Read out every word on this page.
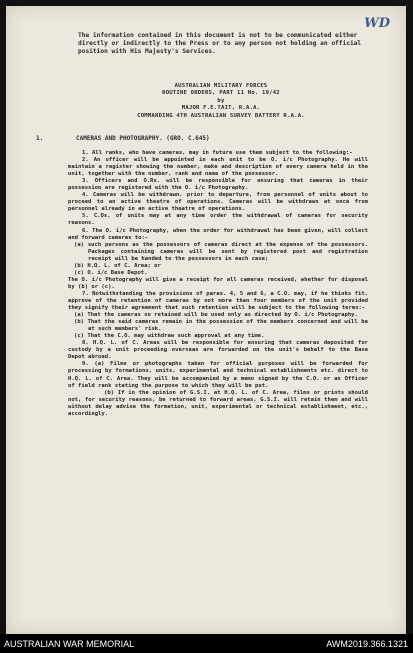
WD
The information contained in this document is not to be communicated either directly or indirectly to the Press or to any person not holding an official position with His Majesty's Services.
AUSTRALIAN MILITARY FORCES
ROUTINE ORDERS, PART 11 No. 19/42
by
MAJOR F.E.TAIT, R.A.A.
COMMANDING 4TH AUSTRALIAN SURVEY BATTERY R.A.A.
1.	CAMERAS AND PHOTOGRAPHY. (GRO. C.645)

1. All ranks, who have cameras, may in future use them subject to the following:-

2. An officer will be appointed in each unit to be O. i/c Photography. He will maintain a register showing the number, make and description of every camera held in the unit, together with the number, rank and name of the possessor.

3. Officers and O.Rs. will be responsible for ensuring that cameras in their possession are registered with the O. i/c Photography.

4. Cameras will be withdrawn, prior to departure, from personnel of units about to proceed to an active theatre of operations. Cameras will be withdrawn at once from personnel already in an active theatre of operations.

5. C.Os. of units may at any time order the withdrawal of cameras for security reasons.

6. The O. i/c Photography, when the order for withdrawal has been given, will collect and forward cameras to:-

(a) such persons as the possessors of cameras direct at the expense of the possessors. Packages containing cameras will be sent by registered post and registration receipt will be handed to the possessors in each case;

(b) H.Q. L. of C. Area; or

(c) O. i/c Base Depot.

The O. i/c Photography will give a receipt for all cameras received, whether for disposal by (b) or (c).

7. Notwithstanding the provisions of paras. 4, 5 and 6, a C.O. may, if he thinks fit, approve of the retention of cameras by not more than four members of the unit provided they signify their agreement that such retention will be subject to the following terms:-

(a) That the cameras so retained will be used only as directed by O. i/c Photography.

(b) That the said cameras remain in the possession of the members concerned and will be at such members' risk.

(c) That the C.O. may withdraw such approval at any time.

8. H.Q. L. of C. Areas will be responsible for ensuring that cameras deposited for custody by a unit proceeding overseas are forwarded on the unit's behalf to the Base Depot abroad.

9. (a) Films or photographs taken for official purposes will be forwarded for processing by formations, units, experimental and technical establishments etc. direct to H.Q. L. of C. Area. They will be accompanied by a memo signed by the C.O. or an Officer of field rank stating the purpose to which they will be put.

(b) If in the opinion of G.S.I. at H.Q. L. of C. Area, films or prints should not, for security reasons, be returned to forward areas, G.S.I. will retain them and will without delay advise the formation, unit, experimental or technical establishment, etc., accordingly.

AUSTRALIAN WAR MEMORIAL	AWM2019.366.1321
